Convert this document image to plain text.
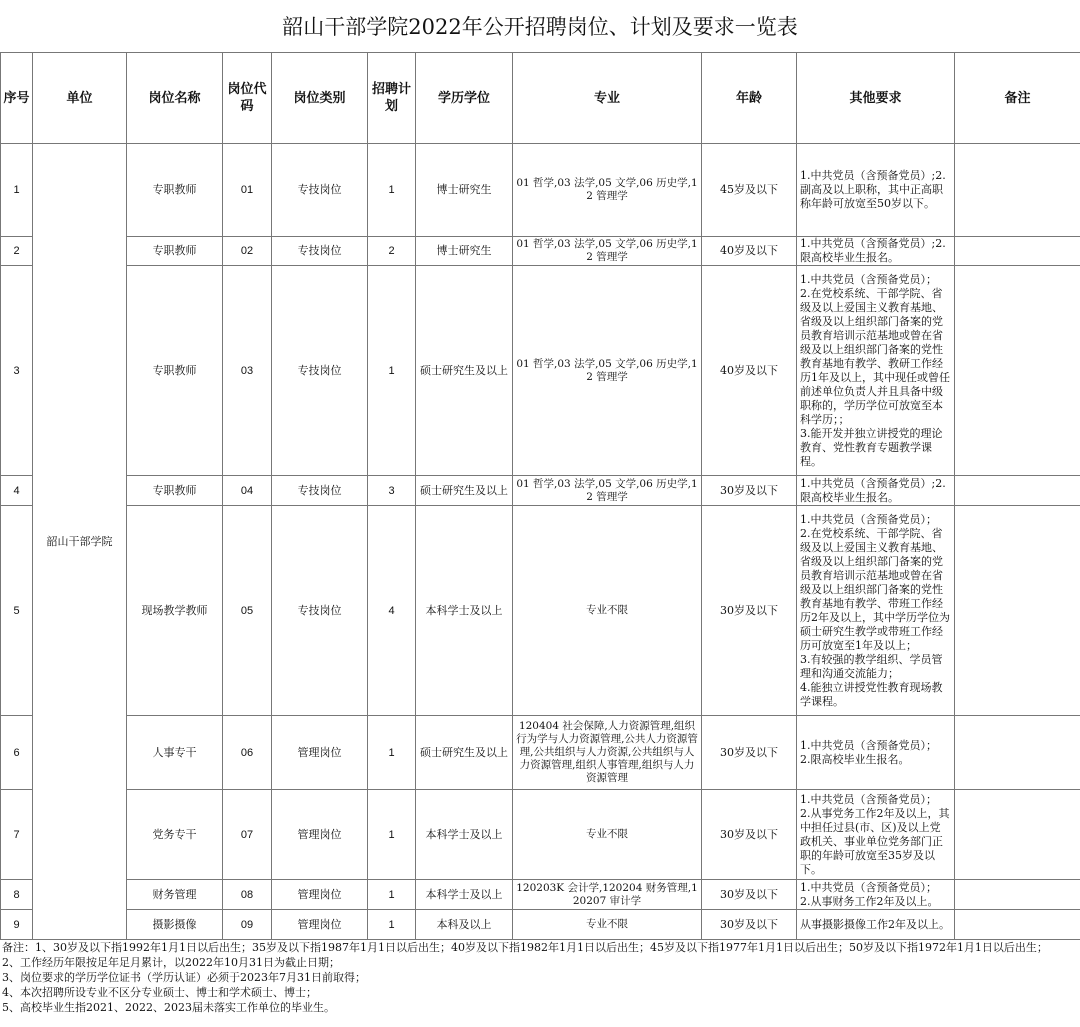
韶山干部学院2022年公开招聘岗位、计划及要求一览表
序号	单位	岗位名称	岗位代码	岗位类别	招聘计划	学历学位	专业	年龄	其他要求	备注
1	韶山干部学院	专职教师	01	专技岗位	1	博士研究生	01 哲学,03 法学,05 文学,06 历史学,12 管理学	45岁及以下	1.中共党员（含预备党员）;2.副高及以上职称，其中正高职称年龄可放宽至50岁以下。	

2		专职教师	02	专技岗位	2	博士研究生	01 哲学,03 法学,05 文学,06 历史学,12 管理学	40岁及以下	1.中共党员（含预备党员）;2.限高校毕业生报名。	

3		专职教师	03	专技岗位	1	硕士研究生及以上	01 哲学,03 法学,05 文学,06 历史学,12 管理学	40岁及以下	1.中共党员（含预备党员）；
2.在党校系统、干部学院、省级及以上爱国主义教育基地、省级及以上组织部门备案的党员教育培训示范基地或曾在省级及以上组织部门备案的党性教育基地有教学、教研工作经历1年及以上，其中现任或曾任前述单位负责人并且具备中级职称的，学历学位可放宽至本科学历；；
3.能开发并独立讲授党的理论教育、党性教育专题教学课程。	

4		专职教师	04	专技岗位	3	硕士研究生及以上	01 哲学,03 法学,05 文学,06 历史学,12 管理学	30岁及以下	1.中共党员（含预备党员）;2.限高校毕业生报名。	

5		现场教学教师	05	专技岗位	4	本科学士及以上	专业不限	30岁及以下	1.中共党员（含预备党员）；
2.在党校系统、干部学院、省级及以上爱国主义教育基地、省级及以上组织部门备案的党员教育培训示范基地或曾在省级及以上组织部门备案的党性教育基地有教学、带班工作经历2年及以上，其中学历学位为硕士研究生教学或带班工作经历可放宽至1年及以上；
3.有较强的教学组织、学员管理和沟通交流能力；
4.能独立讲授党性教育现场教学课程。	

6		人事专干	06	管理岗位	1	硕士研究生及以上	120404 社会保障,人力资源管理,组织行为学与人力资源管理,公共人力资源管理,公共组织与人力资源,公共组织与人力资源管理,组织人事管理,组织与人力资源管理	30岁及以下	1.中共党员（含预备党员）；
2.限高校毕业生报名。	

7		党务专干	07	管理岗位	1	本科学士及以上	专业不限	30岁及以下	1.中共党员（含预备党员）；
2.从事党务工作2年及以上，其中担任过县(市、区)及以上党政机关、事业单位党务部门正职的年龄可放宽至35岁及以下。	

8		财务管理	08	管理岗位	1	本科学士及以上	120203K 会计学,120204 财务管理,120207 审计学	30岁及以下	1.中共党员（含预备党员）；
2.从事财务工作2年及以上。	

9		摄影摄像	09	管理岗位	1	本科及以上	专业不限	30岁及以下	从事摄影摄像工作2年及以上。	

备注：1、30岁及以下指1992年1月1日以后出生；35岁及以下指1987年1月1日以后出生；40岁及以下指1982年1月1日以后出生；45岁及以下指1977年1月1日以后出生；50岁及以下指1972年1月1日以后出生；
2、工作经历年限按足年足月累计，以2022年10月31日为截止日期；
3、岗位要求的学历学位证书（学历认证）必须于2023年7月31日前取得；
4、本次招聘所设专业不区分专业硕士、博士和学术硕士、博士；
5、高校毕业生指2021、2022、2023届未落实工作单位的毕业生。
